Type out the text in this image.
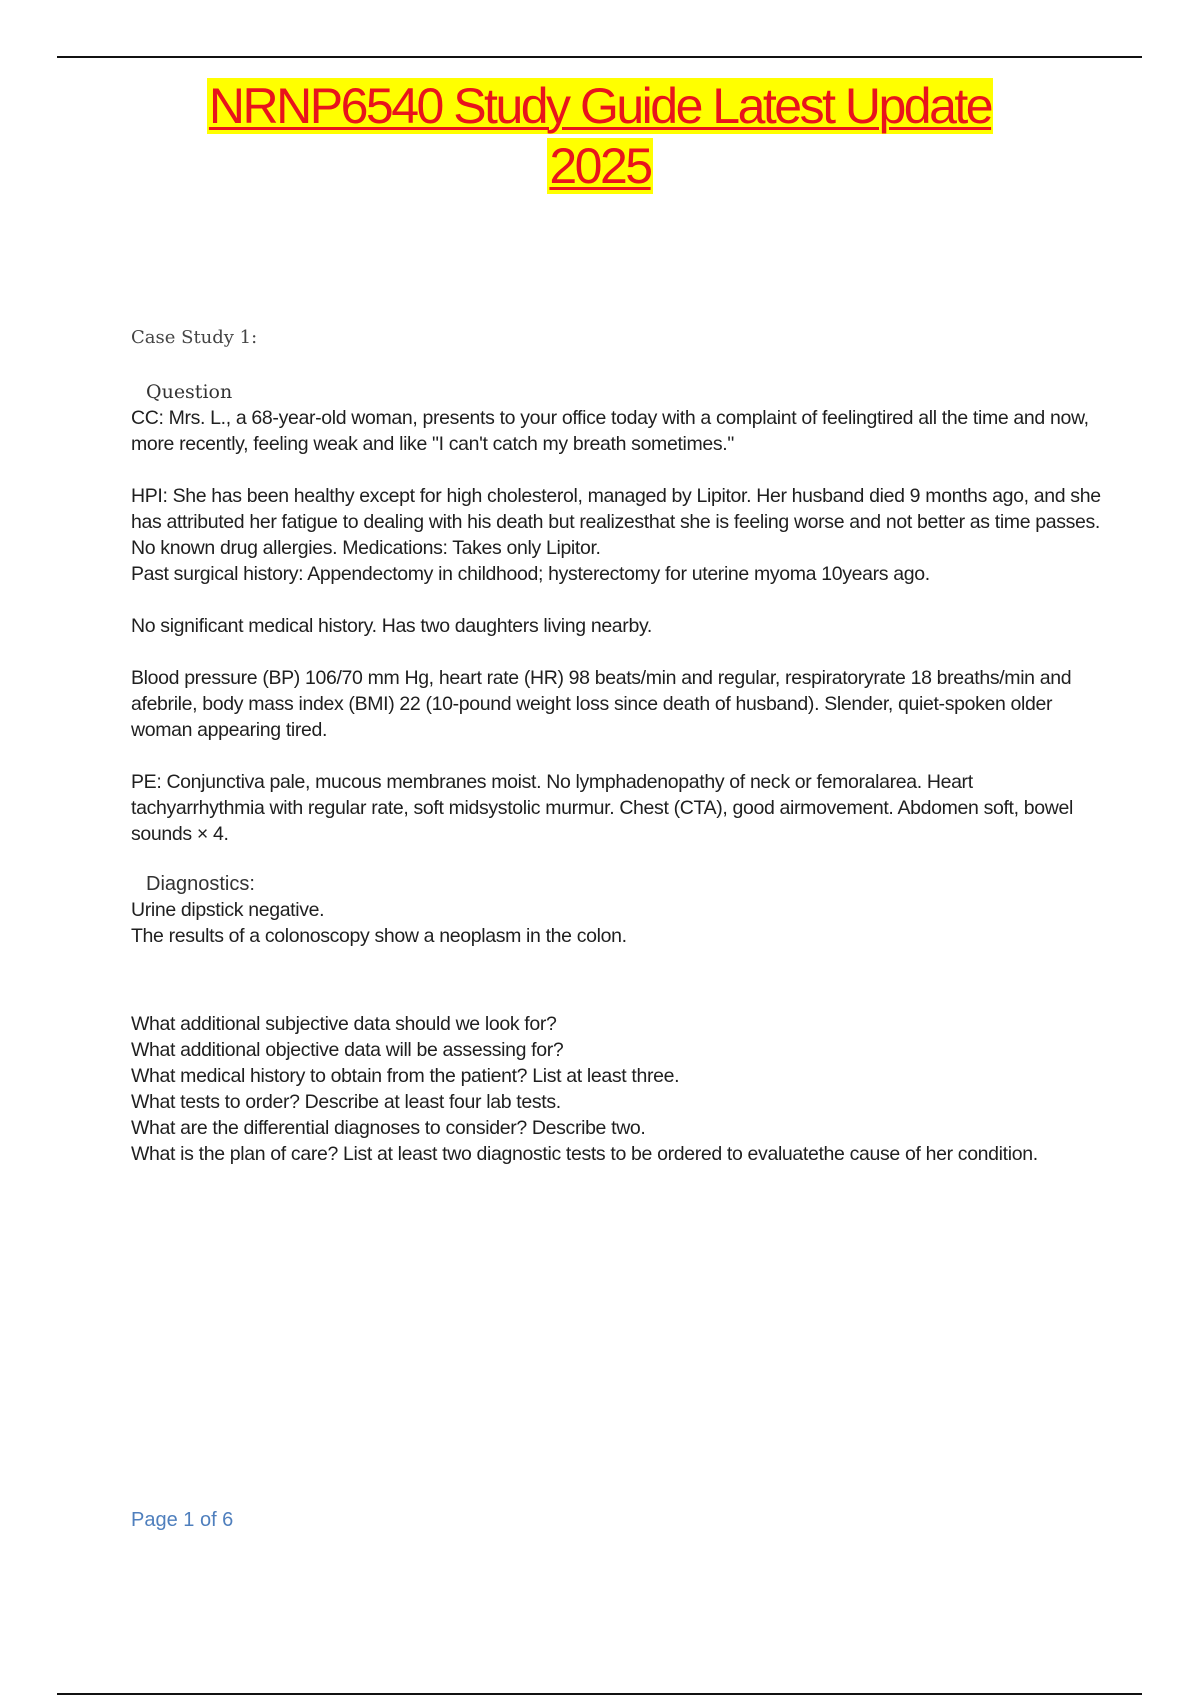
NRNP6540 Study Guide Latest Update
2025
Case Study 1:
Question

CC: Mrs. L., a 68-year-old woman, presents to your office today with a complaint of feelingtired all the time and now, more recently, feeling weak and like "I can't catch my breath sometimes."

HPI: She has been healthy except for high cholesterol, managed by Lipitor. Her husband died 9 months ago, and she has attributed her fatigue to dealing with his death but realizesthat she is feeling worse and not better as time passes.

No known drug allergies. Medications: Takes only Lipitor.

Past surgical history: Appendectomy in childhood; hysterectomy for uterine myoma 10years ago.

No significant medical history. Has two daughters living nearby.

Blood pressure (BP) 106/70 mm Hg, heart rate (HR) 98 beats/min and regular, respiratoryrate 18 breaths/min and afebrile, body mass index (BMI) 22 (10-pound weight loss since death of husband). Slender, quiet-spoken older woman appearing tired.

PE: Conjunctiva pale, mucous membranes moist. No lymphadenopathy of neck or femoralarea. Heart tachyarrhythmia with regular rate, soft midsystolic murmur. Chest (CTA), good airmovement. Abdomen soft, bowel sounds × 4.

Diagnostics:

Urine dipstick negative.

The results of a colonoscopy show a neoplasm in the colon.

What additional subjective data should we look for?

What additional objective data will be assessing for?

What medical history to obtain from the patient? List at least three.

What tests to order? Describe at least four lab tests.

What are the differential diagnoses to consider? Describe two.

What is the plan of care? List at least two diagnostic tests to be ordered to evaluatethe cause of her condition.

Page 1 of 6
